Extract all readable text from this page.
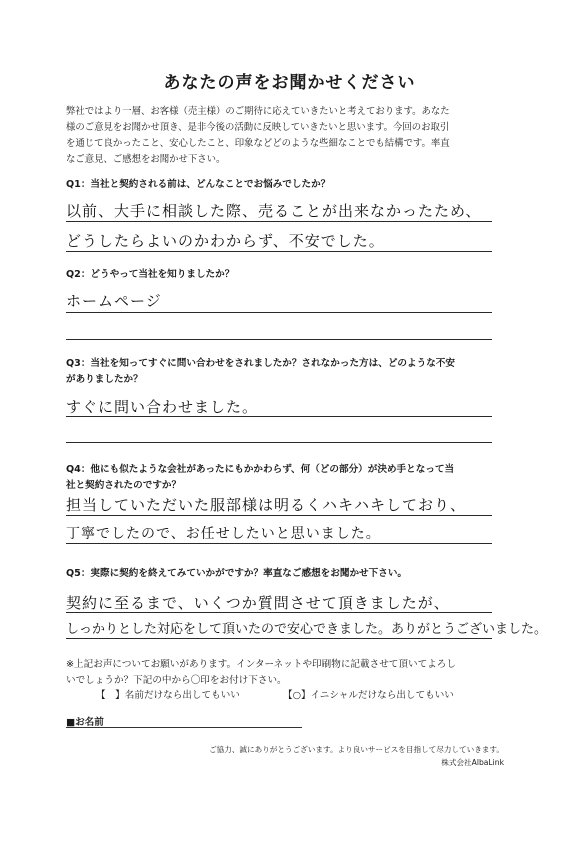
あなたの声をお聞かせください
弊社ではより一層、お客様（売主様）のご期待に応えていきたいと考えております。あなた
様のご意見をお聞かせ頂き、是非今後の活動に反映していきたいと思います。今回のお取引
を通じて良かったこと、安心したこと、印象などどのような些細なことでも結構です。率直
なご意見、ご感想をお聞かせ下さい。
Q1：当社と契約される前は、どんなことでお悩みでしたか？
以前、大手に相談した際、売ることが出来なかったため、
どうしたらよいのかわからず、不安でした。
Q2：どうやって当社を知りましたか？
ホームページ
Q3：当社を知ってすぐに問い合わせをされましたか？されなかった方は、どのような不安
がありましたか？
すぐに問い合わせました。
Q4：他にも似たような会社があったにもかかわらず、何（どの部分）が決め手となって当
社と契約されたのですか？
担当していただいた服部様は明るくハキハキしており、
丁寧でしたので、お任せしたいと思いました。
Q5：実際に契約を終えてみていかがですか？率直なご感想をお聞かせ下さい。
契約に至るまで、いくつか質問させて頂きましたが、
しっかりとした対応をして頂いたので安心できました。ありがとうございました。
※上記お声についてお願いがあります。インターネットや印刷物に記載させて頂いてよろし
いでしょうか？下記の中から〇印をお付け下さい。
【　】名前だけなら出してもいい	【○】イニシャルだけなら出してもいい
■お名前
ご協力、誠にありがとうございます。より良いサービスを目指して尽力していきます。
株式会社AlbaLink
